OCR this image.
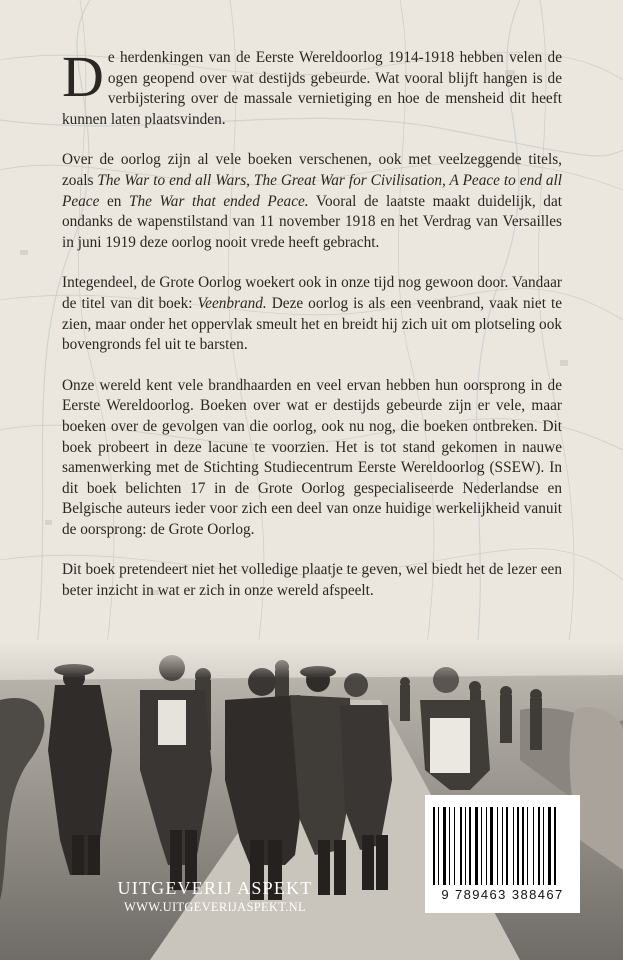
De herdenkingen van de Eerste Wereldoorlog 1914-1918 hebben velen de ogen geopend over wat destijds gebeurde. Wat vooral blijft hangen is de verbijstering over de massale vernietiging en hoe de mensheid dit heeft kunnen laten plaatsvinden.

Over de oorlog zijn al vele boeken verschenen, ook met veelzeggende titels, zoals The War to end all Wars, The Great War for Civilisation, A Peace to end all Peace en The War that ended Peace. Vooral de laatste maakt duidelijk, dat ondanks de wapenstilstand van 11 november 1918 en het Verdrag van Versailles in juni 1919 deze oorlog nooit vrede heeft gebracht.

Integendeel, de Grote Oorlog woekert ook in onze tijd nog gewoon door. Vandaar de titel van dit boek: Veenbrand. Deze oorlog is als een veenbrand, vaak niet te zien, maar onder het oppervlak smeult het en breidt hij zich uit om plotseling ook bovengronds fel uit te barsten.

Onze wereld kent vele brandhaarden en veel ervan hebben hun oorsprong in de Eerste Wereldoorlog. Boeken over wat er destijds gebeurde zijn er vele, maar boeken over de gevolgen van die oorlog, ook nu nog, die boeken ontbreken. Dit boek probeert in deze lacune te voorzien. Het is tot stand gekomen in nauwe samenwerking met de Stichting Studiecentrum Eerste Wereldoorlog (SSEW). In dit boek belichten 17 in de Grote Oorlog gespecialiseerde Nederlandse en Belgische auteurs ieder voor zich een deel van onze huidige werkelijkheid vanuit de oorsprong: de Grote Oorlog.

Dit boek pretendeert niet het volledige plaatje te geven, wel biedt het de lezer een beter inzicht in wat er zich in onze wereld afspeelt.

UITGEVERIJ ASPEKT
WWW.UITGEVERIJASPEKT.NL
9 789463 388467
